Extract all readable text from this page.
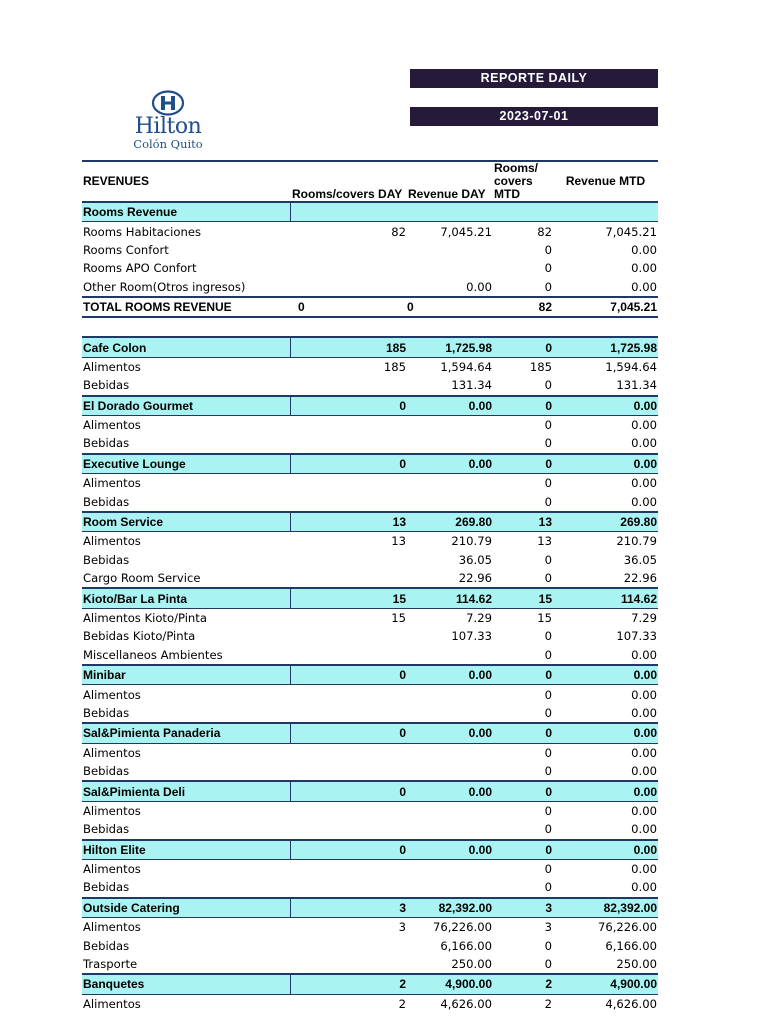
REPORTE DAILY
2023-07-01
Hilton
Colón Quito
REVENUES	Rooms/covers DAY	Revenue DAY	Rooms/ covers MTD	Revenue MTD
Rooms Revenue				
Rooms Habitaciones	82	7,045.21	82	7,045.21
Rooms Confort			0	0.00
Rooms APO Confort			0	0.00
Other Room(Otros ingresos)		0.00	0	0.00
TOTAL ROOMS REVENUE	0	0	82	7,045.21

Cafe Colon	185	1,725.98	0	1,725.98
Alimentos	185	1,594.64	185	1,594.64
Bebidas		131.34	0	131.34
El Dorado Gourmet	0	0.00	0	0.00
Alimentos			0	0.00
Bebidas			0	0.00
Executive Lounge	0	0.00	0	0.00
Alimentos			0	0.00
Bebidas			0	0.00
Room Service	13	269.80	13	269.80
Alimentos	13	210.79	13	210.79
Bebidas		36.05	0	36.05
Cargo Room Service		22.96	0	22.96
Kioto/Bar La Pinta	15	114.62	15	114.62
Alimentos Kioto/Pinta	15	7.29	15	7.29
Bebidas Kioto/Pinta		107.33	0	107.33
Miscellaneos Ambientes			0	0.00
Minibar	0	0.00	0	0.00
Alimentos			0	0.00
Bebidas			0	0.00
Sal&Pimienta Panaderia	0	0.00	0	0.00
Alimentos			0	0.00
Bebidas			0	0.00
Sal&Pimienta Deli	0	0.00	0	0.00
Alimentos			0	0.00
Bebidas			0	0.00
Hilton Elite	0	0.00	0	0.00
Alimentos			0	0.00
Bebidas			0	0.00
Outside Catering	3	82,392.00	3	82,392.00
Alimentos	3	76,226.00	3	76,226.00
Bebidas		6,166.00	0	6,166.00
Trasporte		250.00	0	250.00
Banquetes	2	4,900.00	2	4,900.00
Alimentos	2	4,626.00	2	4,626.00
